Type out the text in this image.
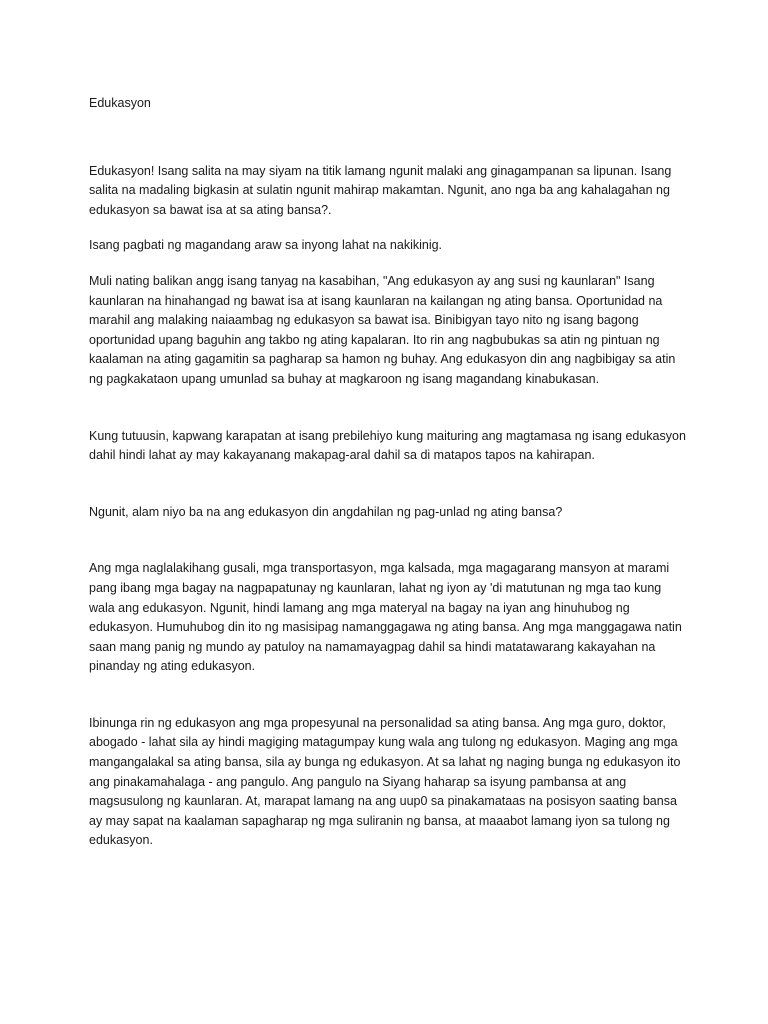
Edukasyon

Edukasyon! Isang salita na may siyam na titik lamang ngunit malaki ang ginagampanan sa lipunan. Isang salita na madaling bigkasin at sulatin ngunit mahirap makamtan. Ngunit, ano nga ba ang kahalagahan ng edukasyon sa bawat isa at sa ating bansa?.

Isang pagbati ng magandang araw sa inyong lahat na nakikinig.

Muli nating balikan angg isang tanyag na kasabihan, "Ang edukasyon ay ang susi ng kaunlaran" Isang kaunlaran na hinahangad ng bawat isa at isang kaunlaran na kailangan ng ating bansa. Oportunidad na marahil ang malaking naiaambag ng edukasyon sa bawat isa. Binibigyan tayo nito ng isang bagong oportunidad upang baguhin ang takbo ng ating kapalaran. Ito rin ang nagbubukas sa atin ng pintuan ng kaalaman na ating gagamitin sa pagharap sa hamon ng buhay. Ang edukasyon din ang nagbibigay sa atin ng pagkakataon upang umunlad sa buhay at magkaroon ng isang magandang kinabukasan.

Kung tutuusin, kapwang karapatan at isang prebilehiyo kung maituring ang magtamasa ng isang edukasyon dahil hindi lahat ay may kakayanang makapag-aral dahil sa di matapos tapos na kahirapan.

Ngunit, alam niyo ba na ang edukasyon din angdahilan ng pag-unlad ng ating bansa?

Ang mga naglalakihang gusali, mga transportasyon, mga kalsada, mga magagarang mansyon at marami pang ibang mga bagay na nagpapatunay ng kaunlaran, lahat ng iyon ay 'di matutunan ng mga tao kung wala ang edukasyon. Ngunit, hindi lamang ang mga materyal na bagay na iyan ang hinuhubog ng edukasyon. Humuhubog din ito ng masisipag namanggagawa ng ating bansa. Ang mga manggagawa natin saan mang panig ng mundo ay patuloy na namamayagpag dahil sa hindi matatawarang kakayahan na pinanday ng ating edukasyon.

Ibinunga rin ng edukasyon ang mga propesyunal na personalidad sa ating bansa. Ang mga guro, doktor, abogado - lahat sila ay hindi magiging matagumpay kung wala ang tulong ng edukasyon. Maging ang mga mangangalakal sa ating bansa, sila ay bunga ng edukasyon. At sa lahat ng naging bunga ng edukasyon ito ang pinakamahalaga - ang pangulo. Ang pangulo na Siyang haharap sa isyung pambansa at ang magsusulong ng kaunlaran. At, marapat lamang na ang uup0 sa pinakamataas na posisyon saating bansa ay may sapat na kaalaman sapagharap ng mga suliranin ng bansa, at maaabot lamang iyon sa tulong ng edukasyon.
